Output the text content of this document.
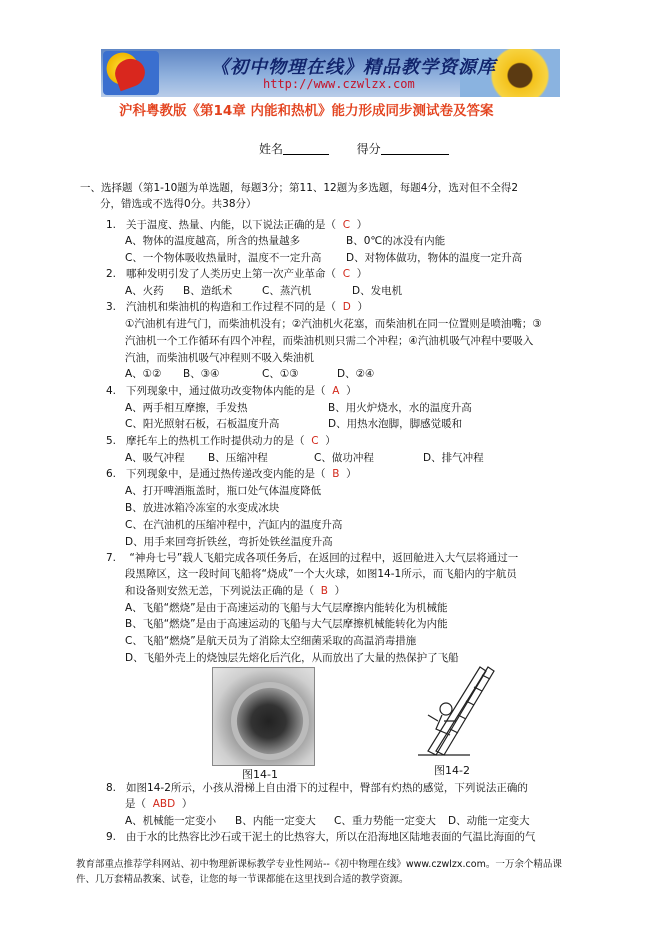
《初中物理在线》精品教学资源库
http://www.czwlzx.com
沪科粤教版《第14章 内能和热机》能力形成同步测试卷及答案
姓名	得分
一、选择题（第1-10题为单选题，每题3分；第11、12题为多选题，每题4分，选对但不全得2
分，错选或不选得0分。共38分）
1. 关于温度、热量、内能，以下说法正确的是（ C ）
A、物体的温度越高，所含的热量越多	B、0℃的冰没有内能
C、一个物体吸收热量时，温度不一定升高 D、对物体做功，物体的温度一定升高
2. 哪种发明引发了人类历史上第一次产业革命（ C ）
A、火药 B、造纸术	C、蒸汽机	D、发电机
3. 汽油机和柴油机的构造和工作过程不同的是（ D ）
①汽油机有进气门，而柴油机没有；②汽油机火花塞，而柴油机在同一位置则是喷油嘴；③
汽油机一个工作循环有四个冲程，而柴油机则只需二个冲程；④汽油机吸气冲程中要吸入
汽油，而柴油机吸气冲程则不吸入柴油机
A、①② B、③④	C、①③	D、②④
4. 下列现象中，通过做功改变物体内能的是（ A ）
A、两手相互摩擦，手发热	B、用火炉烧水，水的温度升高
C、阳光照射石板，石板温度升高	D、用热水泡脚，脚感觉暖和
5. 摩托车上的热机工作时提供动力的是（ C ）
A、吸气冲程 B、压缩冲程	C、做功冲程	D、排气冲程
6. 下列现象中，是通过热传递改变内能的是（ B ）
A、打开啤酒瓶盖时，瓶口处气体温度降低
B、放进冰箱冷冻室的水变成冰块
C、在汽油机的压缩冲程中，汽缸内的温度升高
D、用手来回弯折铁丝，弯折处铁丝温度升高
7. “神舟七号”载人飞船完成各项任务后，在返回的过程中，返回舱进入大气层将通过一
段黑障区，这一段时间飞船将“烧成”一个大火球，如图14-1所示，而飞船内的宇航员
和设备则安然无恙，下列说法正确的是（ B ）
A、飞船“燃烧”是由于高速运动的飞船与大气层摩擦内能转化为机械能
B、飞船“燃烧”是由于高速运动的飞船与大气层摩擦机械能转化为内能
C、飞船“燃烧”是航天员为了消除太空细菌采取的高温消毒措施
D、飞船外壳上的烧蚀层先熔化后汽化，从而放出了大量的热保护了飞船
图14-1	图14-2
8. 如图14-2所示，小孩从滑梯上自由滑下的过程中，臀部有灼热的感觉，下列说法正确的
是（ ABD ）
A、机械能一定变小 B、内能一定变大 C、重力势能一定变大 D、动能一定变大
9. 由于水的比热容比沙石或干泥土的比热容大，所以在沿海地区陆地表面的气温比海面的气
教育部重点推荐学科网站、初中物理新课标教学专业性网站--《初中物理在线》www.czwlzx.com。一万余个精品课
件、几万套精品教案、试卷，让您的每一节课都能在这里找到合适的教学资源。
